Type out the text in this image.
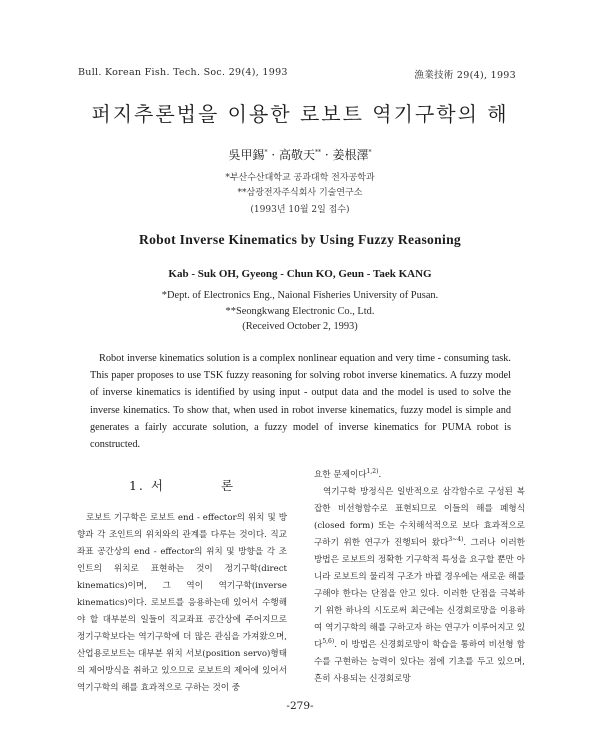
Bull. Korean Fish. Tech. Soc. 29(4), 1993	漁業技術 29(4), 1993
퍼지추론법을 이용한 로보트 역기구학의 해
吳甲錫* · 高敬天** · 姜根澤*
*부산수산대학교 공과대학 전자공학과
**삼광전자주식회사 기술연구소
(1993년 10월 2일 접수)
Robot Inverse Kinematics by Using Fuzzy Reasoning
Kab - Suk OH, Gyeong - Chun KO, Geun - Taek KANG
*Dept. of Electronics Eng., Naional Fisheries University of Pusan.
**Seongkwang Electronic Co., Ltd.
(Received October 2, 1993)

Robot inverse kinematics solution is a complex nonlinear equation and very time - consuming task. This paper proposes to use TSK fuzzy reasoning for solving robot inverse kinematics. A fuzzy model of inverse kinematics is identified by using input - output data and the model is used to solve the inverse kinematics. To show that, when used in robot inverse kinematics, fuzzy model is simple and generates a fairly accurate solution, a fuzzy model of inverse kinematics for PUMA robot is constructed.

1. 서	론

로보트 기구학은 로보트 end - effector의 위치 및 방향과 각 조인트의 위치와의 관계를 다루는 것이다. 직교좌표 공간상의 end - effector의 위치 및 방향을 각 조인트의 위치로 표현하는 것이 정기구학(direct kinematics)이며, 그 역이 역기구학(inverse kinematics)이다. 로보트를 응용하는데 있어서 수행해야 할 대부분의 일들이 직교좌표 공간상에 주어지므로 정기구학보다는 역기구학에 더 많은 관심을 가져왔으며, 산업용로보트는 대부분 위치 서보(position servo)형태의 제어방식을 취하고 있으므로 로보트의 제어에 있어서 역기구학의 해를 효과적으로 구하는 것이 중

요한 문제이다$^{1,2)}$.

역기구학 방정식은 일반적으로 삼각함수로 구성된 복잡한 비선형함수로 표현되므로 이들의 해를 폐형식(closed form) 또는 수치해석적으로 보다 효과적으로 구하기 위한 연구가 진행되어 왔다$^{3\sim 4)}$. 그러나 이러한 방법은 로보트의 정확한 기구학적 특성을 요구할 뿐만 아니라 로보트의 물리적 구조가 바뀔 경우에는 새로운 해를 구해야 한다는 단점을 안고 있다. 이러한 단점을 극복하기 위한 하나의 시도로써 최근에는 신경회로망을 이용하여 역기구학의 해를 구하고자 하는 연구가 이루어지고 있다$^{5,6)}$. 이 방법은 신경회로망이 학습을 통하여 비선형 함수를 구현하는 능력이 있다는 점에 기초를 두고 있으며, 흔히 사용되는 신경회로망

-279-
